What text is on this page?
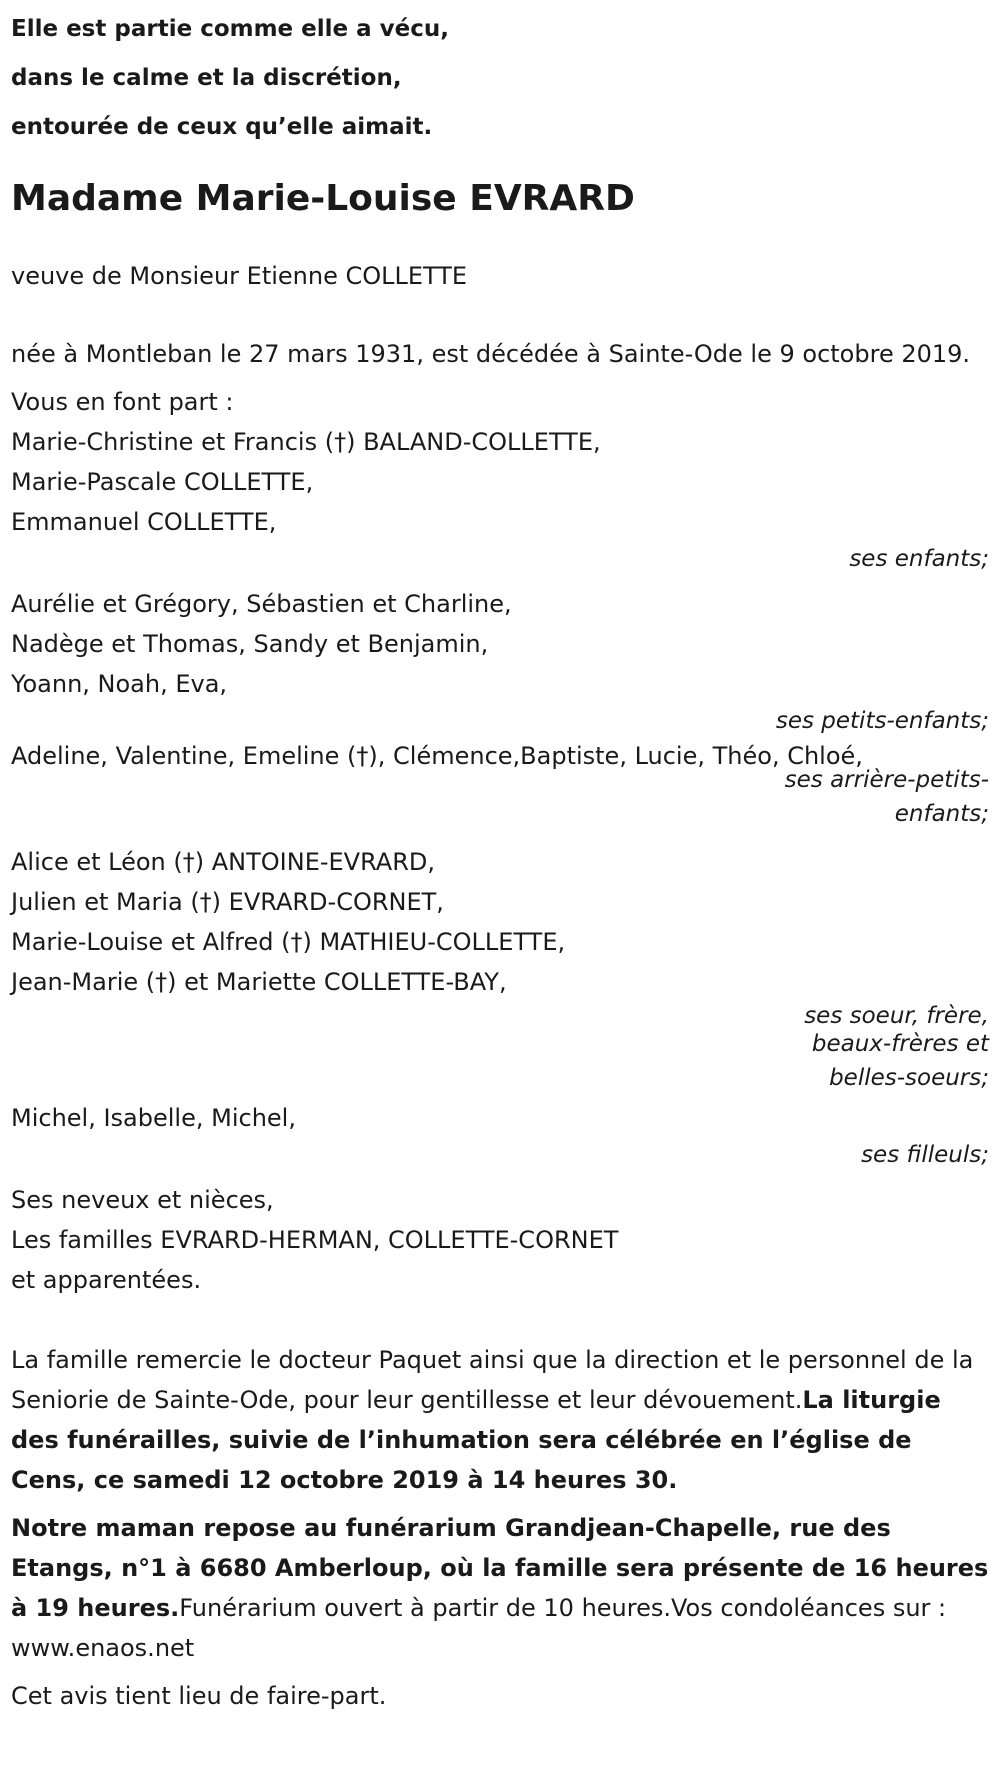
Elle est partie comme elle a vécu,
dans le calme et la discrétion,
entourée de ceux qu’elle aimait.
Madame Marie-Louise EVRARD
veuve de Monsieur Etienne COLLETTE
née à Montleban le 27 mars 1931, est décédée à Sainte-Ode le 9 octobre 2019.
Vous en font part :
Marie-Christine et Francis (†) BALAND-COLLETTE,
Marie-Pascale COLLETTE,
Emmanuel COLLETTE,
ses enfants;
Aurélie et Grégory, Sébastien et Charline,
Nadège et Thomas, Sandy et Benjamin,
Yoann, Noah, Eva,
ses petits-enfants;
Adeline, Valentine, Emeline (†), Clémence,Baptiste, Lucie, Théo, Chloé,
ses arrière-petits-
enfants;
Alice et Léon (†) ANTOINE-EVRARD,
Julien et Maria (†) EVRARD-CORNET,
Marie-Louise et Alfred (†) MATHIEU-COLLETTE,
Jean-Marie (†) et Mariette COLLETTE-BAY,
ses soeur, frère,
beaux-frères et
belles-soeurs;
Michel, Isabelle, Michel,
ses filleuls;
Ses neveux et nièces,
Les familles EVRARD-HERMAN, COLLETTE-CORNET
et apparentées.
La famille remercie le docteur Paquet ainsi que la direction et le personnel de la Seniorie de Sainte-Ode, pour leur gentillesse et leur dévouement.La liturgie des funérailles, suivie de l’inhumation sera célébrée en l’église de Cens, ce samedi 12 octobre 2019 à 14 heures 30.
Notre maman repose au funérarium Grandjean-Chapelle, rue des Etangs, n°1 à 6680 Amberloup, où la famille sera présente de 16 heures à 19 heures.Funérarium ouvert à partir de 10 heures.Vos condoléances sur : www.enaos.net
Cet avis tient lieu de faire-part.
